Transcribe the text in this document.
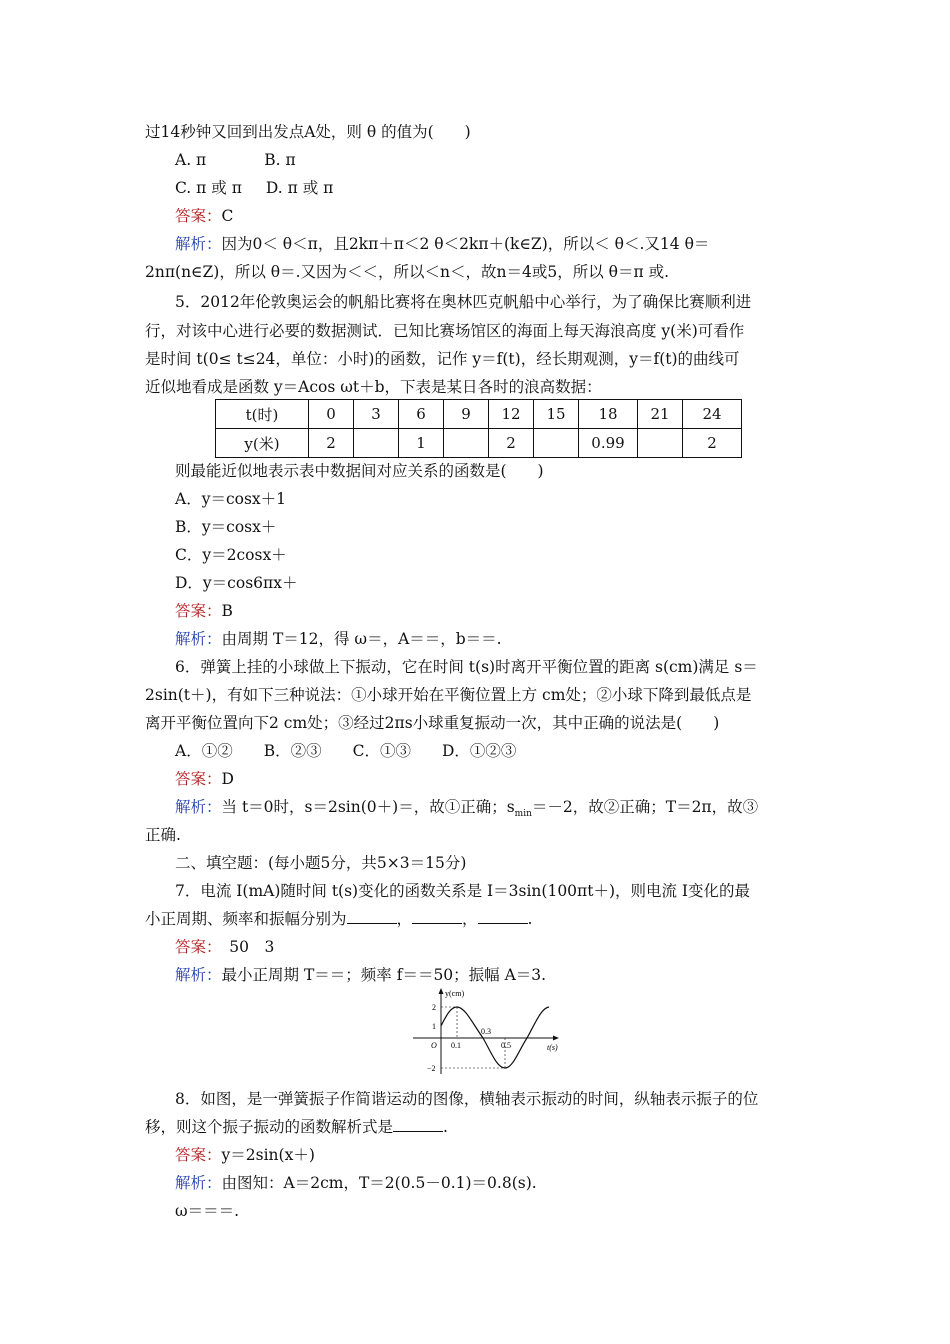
过14秒钟又回到出发点A处，则 θ 的值为(　　)
A. π	B. π
C. π 或 π D. π 或 π
答案：C
解析：因为0＜ θ＜π，且2kπ＋π＜2 θ＜2kπ＋(k∈Z)，所以＜ θ＜.又14 θ＝
2nπ(n∈Z)，所以 θ＝.又因为＜＜，所以＜n＜，故n＝4或5，所以 θ＝π 或.
5．2012年伦敦奥运会的帆船比赛将在奥林匹克帆船中心举行，为了确保比赛顺利进
行，对该中心进行必要的数据测试．已知比赛场馆区的海面上每天海浪高度 y(米)可看作
是时间 t(0≤ t≤24，单位：小时)的函数，记作 y＝f(t)，经长期观测，y＝f(t)的曲线可
近似地看成是函数 y＝Acos ωt＋b，下表是某日各时的浪高数据：
t(时)	0	3	6	9	12	15	18	21	24
y(米)	2		1		2		0.99		2
则最能近似地表示表中数据间对应关系的函数是(　　)
A．y＝cosx＋1
B．y＝cosx＋
C．y＝2cosx＋
D．y＝cos6πx＋
答案：B
解析：由周期 T＝12，得 ω＝，A＝＝，b＝＝.
6．弹簧上挂的小球做上下振动，它在时间 t(s)时离开平衡位置的距离 s(cm)满足 s＝
2sin(t＋)，有如下三种说法：①小球开始在平衡位置上方 cm处；②小球下降到最低点是
离开平衡位置向下2 cm处；③经过2πs小球重复振动一次，其中正确的说法是(　　)
A．①②　　B．②③　　C．①③　　D．①②③
答案：D
解析：当 t＝0时，s＝2sin(0＋)＝，故①正确；$s_{min}=-2$，故②正确；T＝2π，故③
正确.
二、填空题：(每小题5分，共5×3＝15分)
7．电流 I(mA)随时间 t(s)变化的函数关系是 I＝3sin(100πt＋)，则电流 I变化的最
小正周期、频率和振幅分别为	，	，	.
答案：　50　3
解析：最小正周期 T＝＝；频率 f＝＝50；振幅 A＝3.
y(cm)
t(s)
2
1
−2
O 0.1
0.3
0.5
8．如图，是一弹簧振子作简谐运动的图像，横轴表示振动的时间，纵轴表示振子的位
移，则这个振子振动的函数解析式是	.
答案：y＝2sin(x＋)
解析：由图知：A＝2cm，T＝2(0.5－0.1)＝0.8(s).
ω＝＝＝.
